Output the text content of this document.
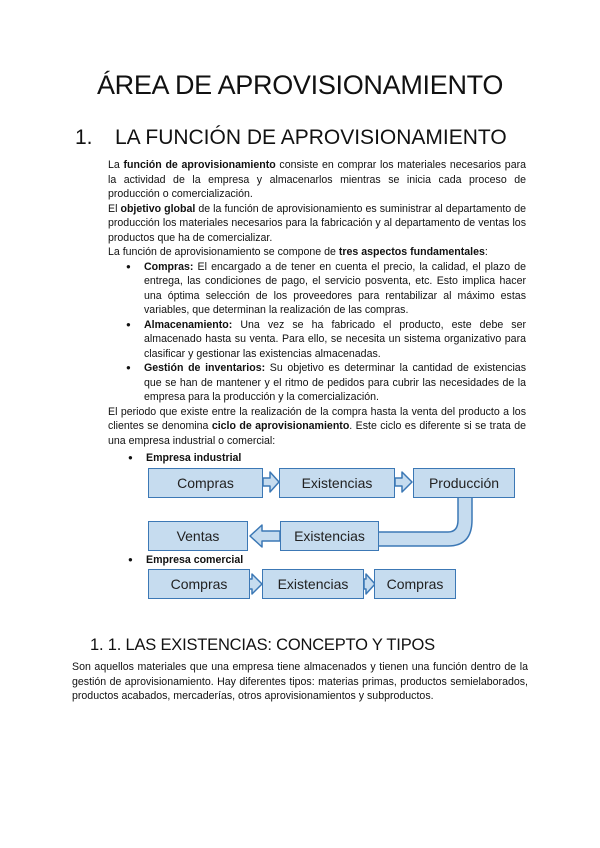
ÁREA DE APROVISIONAMIENTO
1. LA FUNCIÓN DE APROVISIONAMIENTO

La función de aprovisionamiento consiste en comprar los materiales necesarios para la actividad de la empresa y almacenarlos mientras se inicia cada proceso de producción o comercialización.

El objetivo global de la función de aprovisionamiento es suministrar al departamento de producción los materiales necesarios para la fabricación y al departamento de ventas los productos que ha de comercializar.

La función de aprovisionamiento se compone de tres aspectos fundamentales:

● Compras: El encargado a de tener en cuenta el precio, la calidad, el plazo de entrega, las condiciones de pago, el servicio posventa, etc. Esto implica hacer una óptima selección de los proveedores para rentabilizar al máximo estas variables, que determinan la realización de las compras.
● Almacenamiento: Una vez se ha fabricado el producto, este debe ser almacenado hasta su venta. Para ello, se necesita un sistema organizativo para clasificar y gestionar las existencias almacenadas.
● Gestión de inventarios: Su objetivo es determinar la cantidad de existencias que se han de mantener y el ritmo de pedidos para cubrir las necesidades de la empresa para la producción y la comercialización.

El periodo que existe entre la realización de la compra hasta la venta del producto a los clientes se denomina ciclo de aprovisionamiento. Este ciclo es diferente si se trata de una empresa industrial o comercial:

● Empresa industrial
Compras	Existencias	Producción
Ventas	Existencias
● Empresa comercial
Compras	Existencias	Compras
1. 1. LAS EXISTENCIAS: CONCEPTO Y TIPOS

Son aquellos materiales que una empresa tiene almacenados y tienen una función dentro de la gestión de aprovisionamiento. Hay diferentes tipos: materias primas, productos semielaborados, productos acabados, mercaderías, otros aprovisionamientos y subproductos.
